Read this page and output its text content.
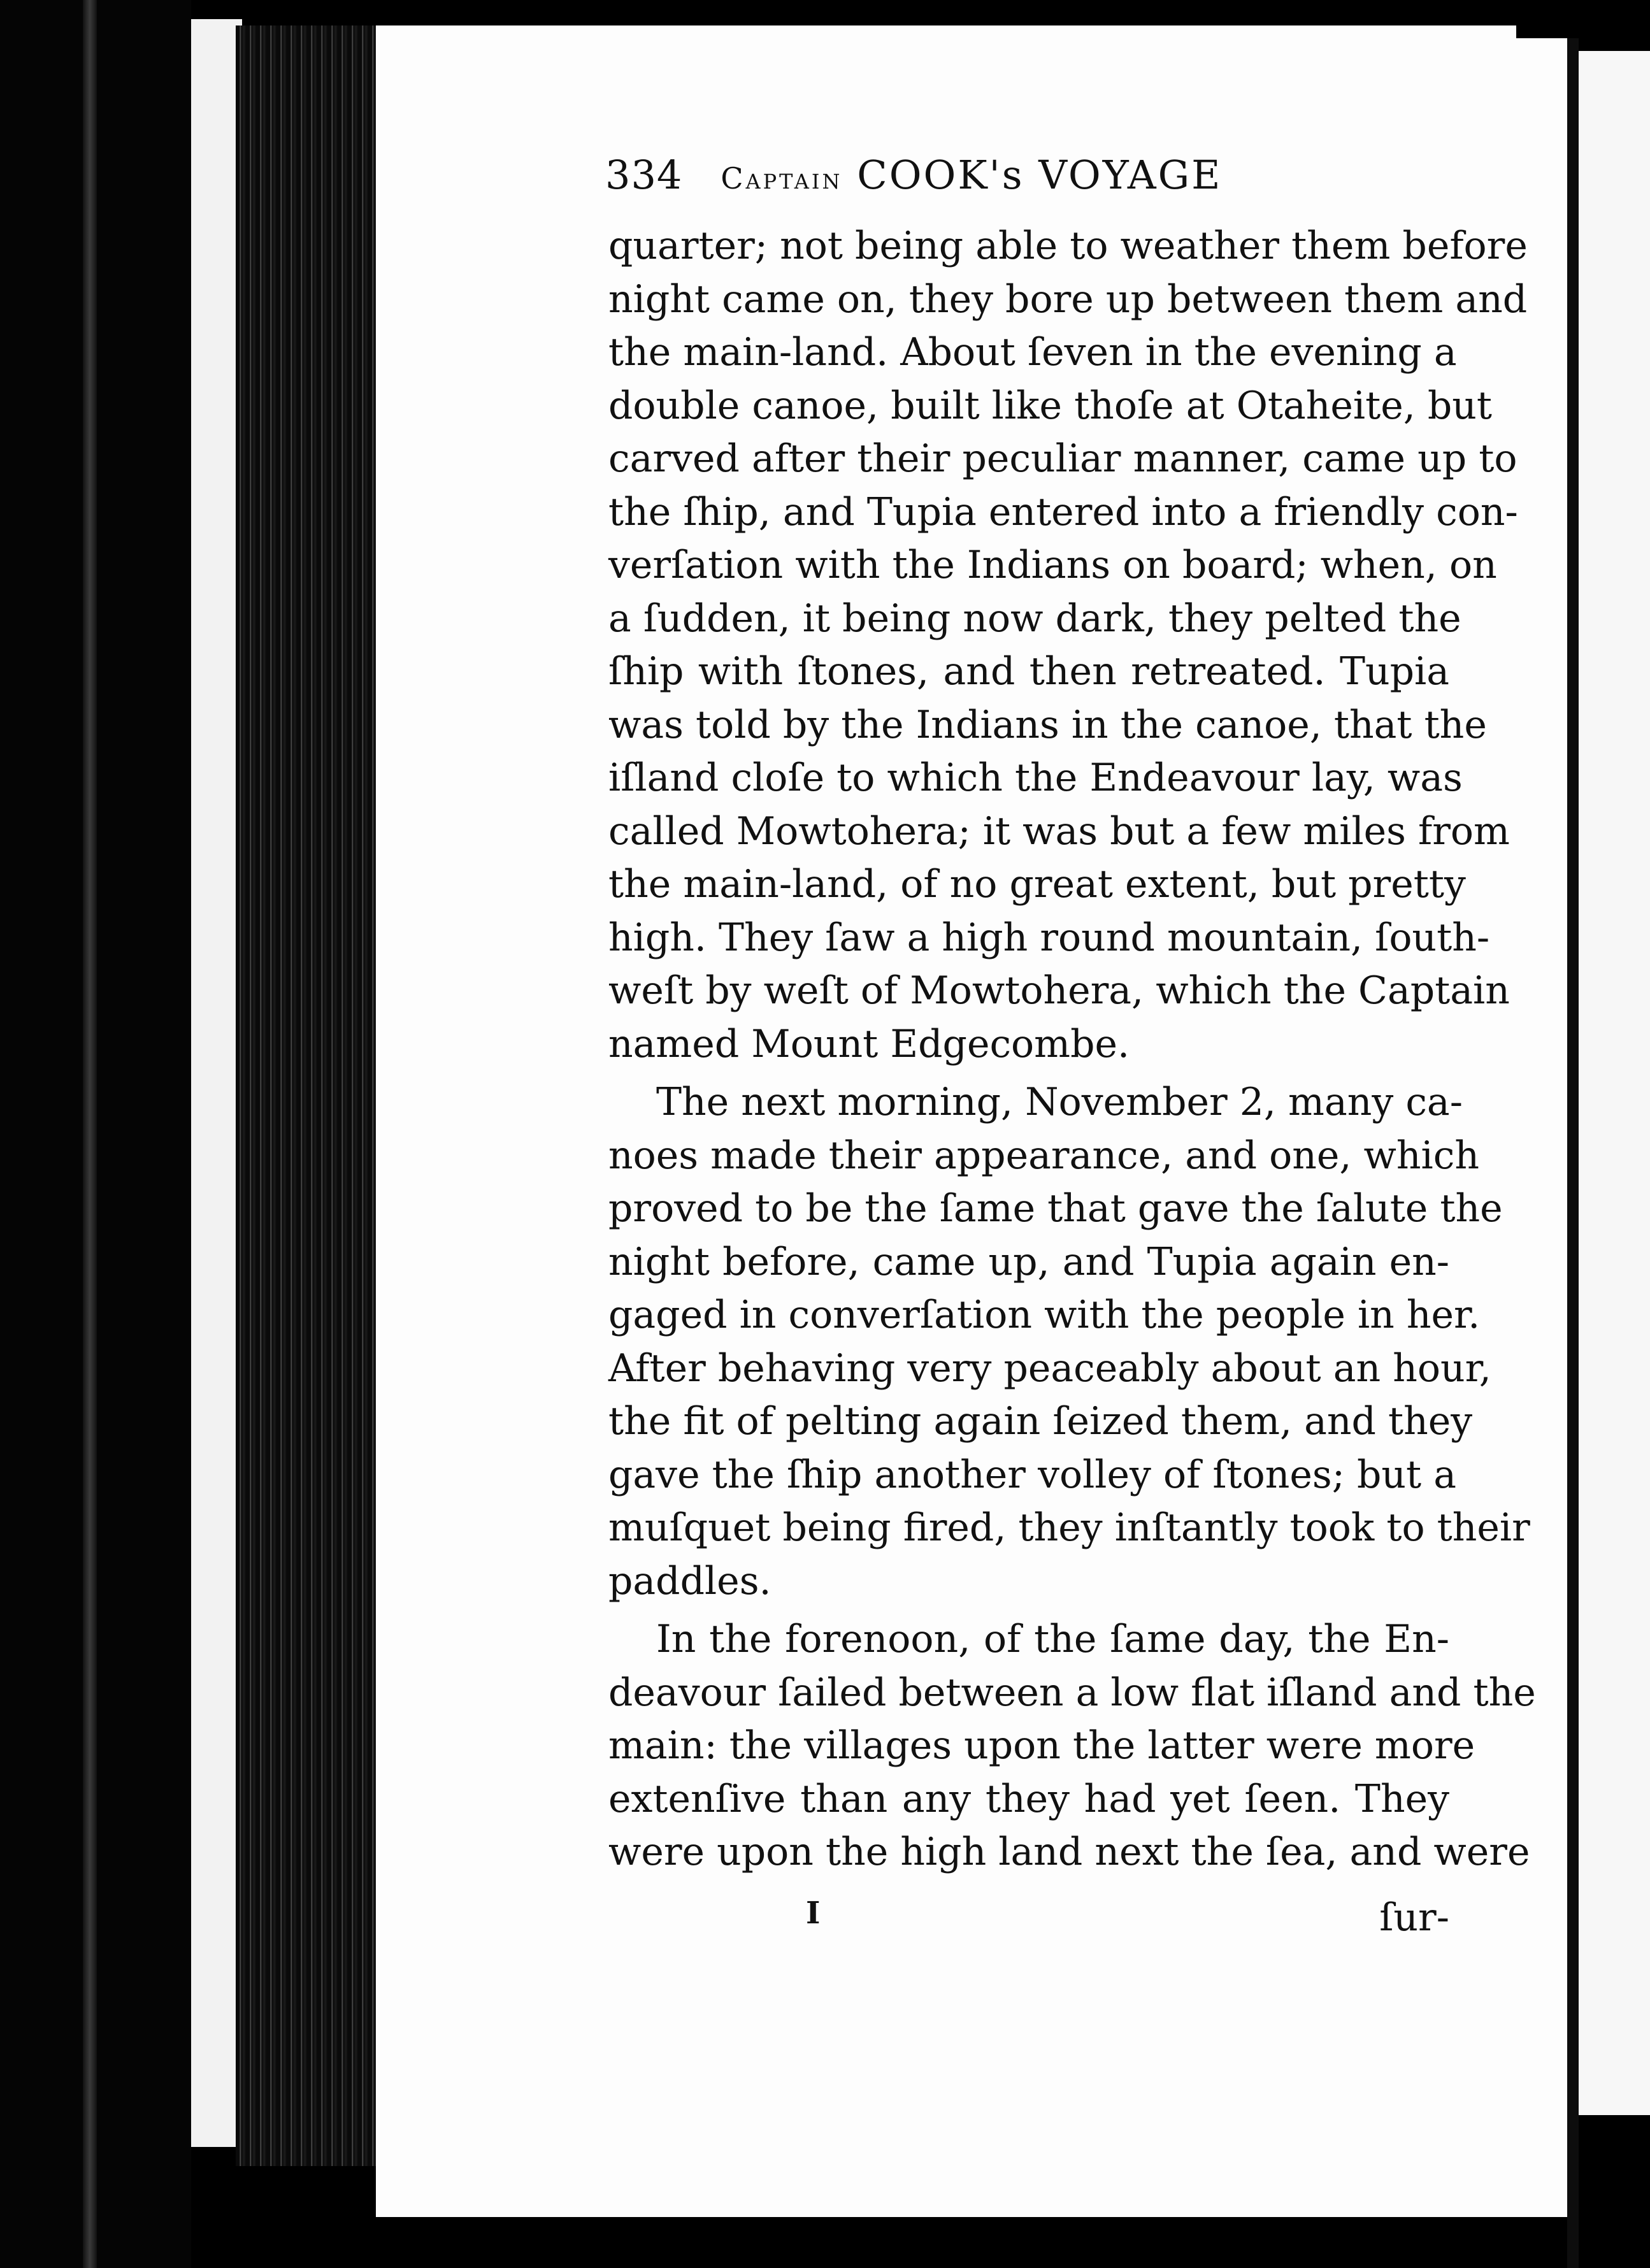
334 Captain COOK's VOYAGE
quarter; not being able to weather them before
night came on, they bore up between them and
the main-land. About ſeven in the evening a
double canoe, built like thoſe at Otaheite, but
carved after their peculiar manner, came up to
the ſhip, and Tupia entered into a friendly con-
verſation with the Indians on board; when, on
a ſudden, it being now dark, they pelted the
ſhip with ſtones, and then retreated. Tupia
was told by the Indians in the canoe, that the
iſland cloſe to which the Endeavour lay, was
called Mowtohera; it was but a few miles from
the main-land, of no great extent, but pretty
high. They ſaw a high round mountain, ſouth-
weſt by weſt of Mowtohera, which the Captain
named Mount Edgecombe.
The next morning, November 2, many ca-
noes made their appearance, and one, which
proved to be the ſame that gave the ſalute the
night before, came up, and Tupia again en-
gaged in converſation with the people in her.
After behaving very peaceably about an hour,
the fit of pelting again ſeized them, and they
gave the ſhip another volley of ſtones; but a
muſquet being fired, they inſtantly took to their
paddles.
In the forenoon, of the ſame day, the En-
deavour ſailed between a low flat iſland and the
main: the villages upon the latter were more
extenſive than any they had yet ſeen. They
were upon the high land next the ſea, and were
I	ſur-
